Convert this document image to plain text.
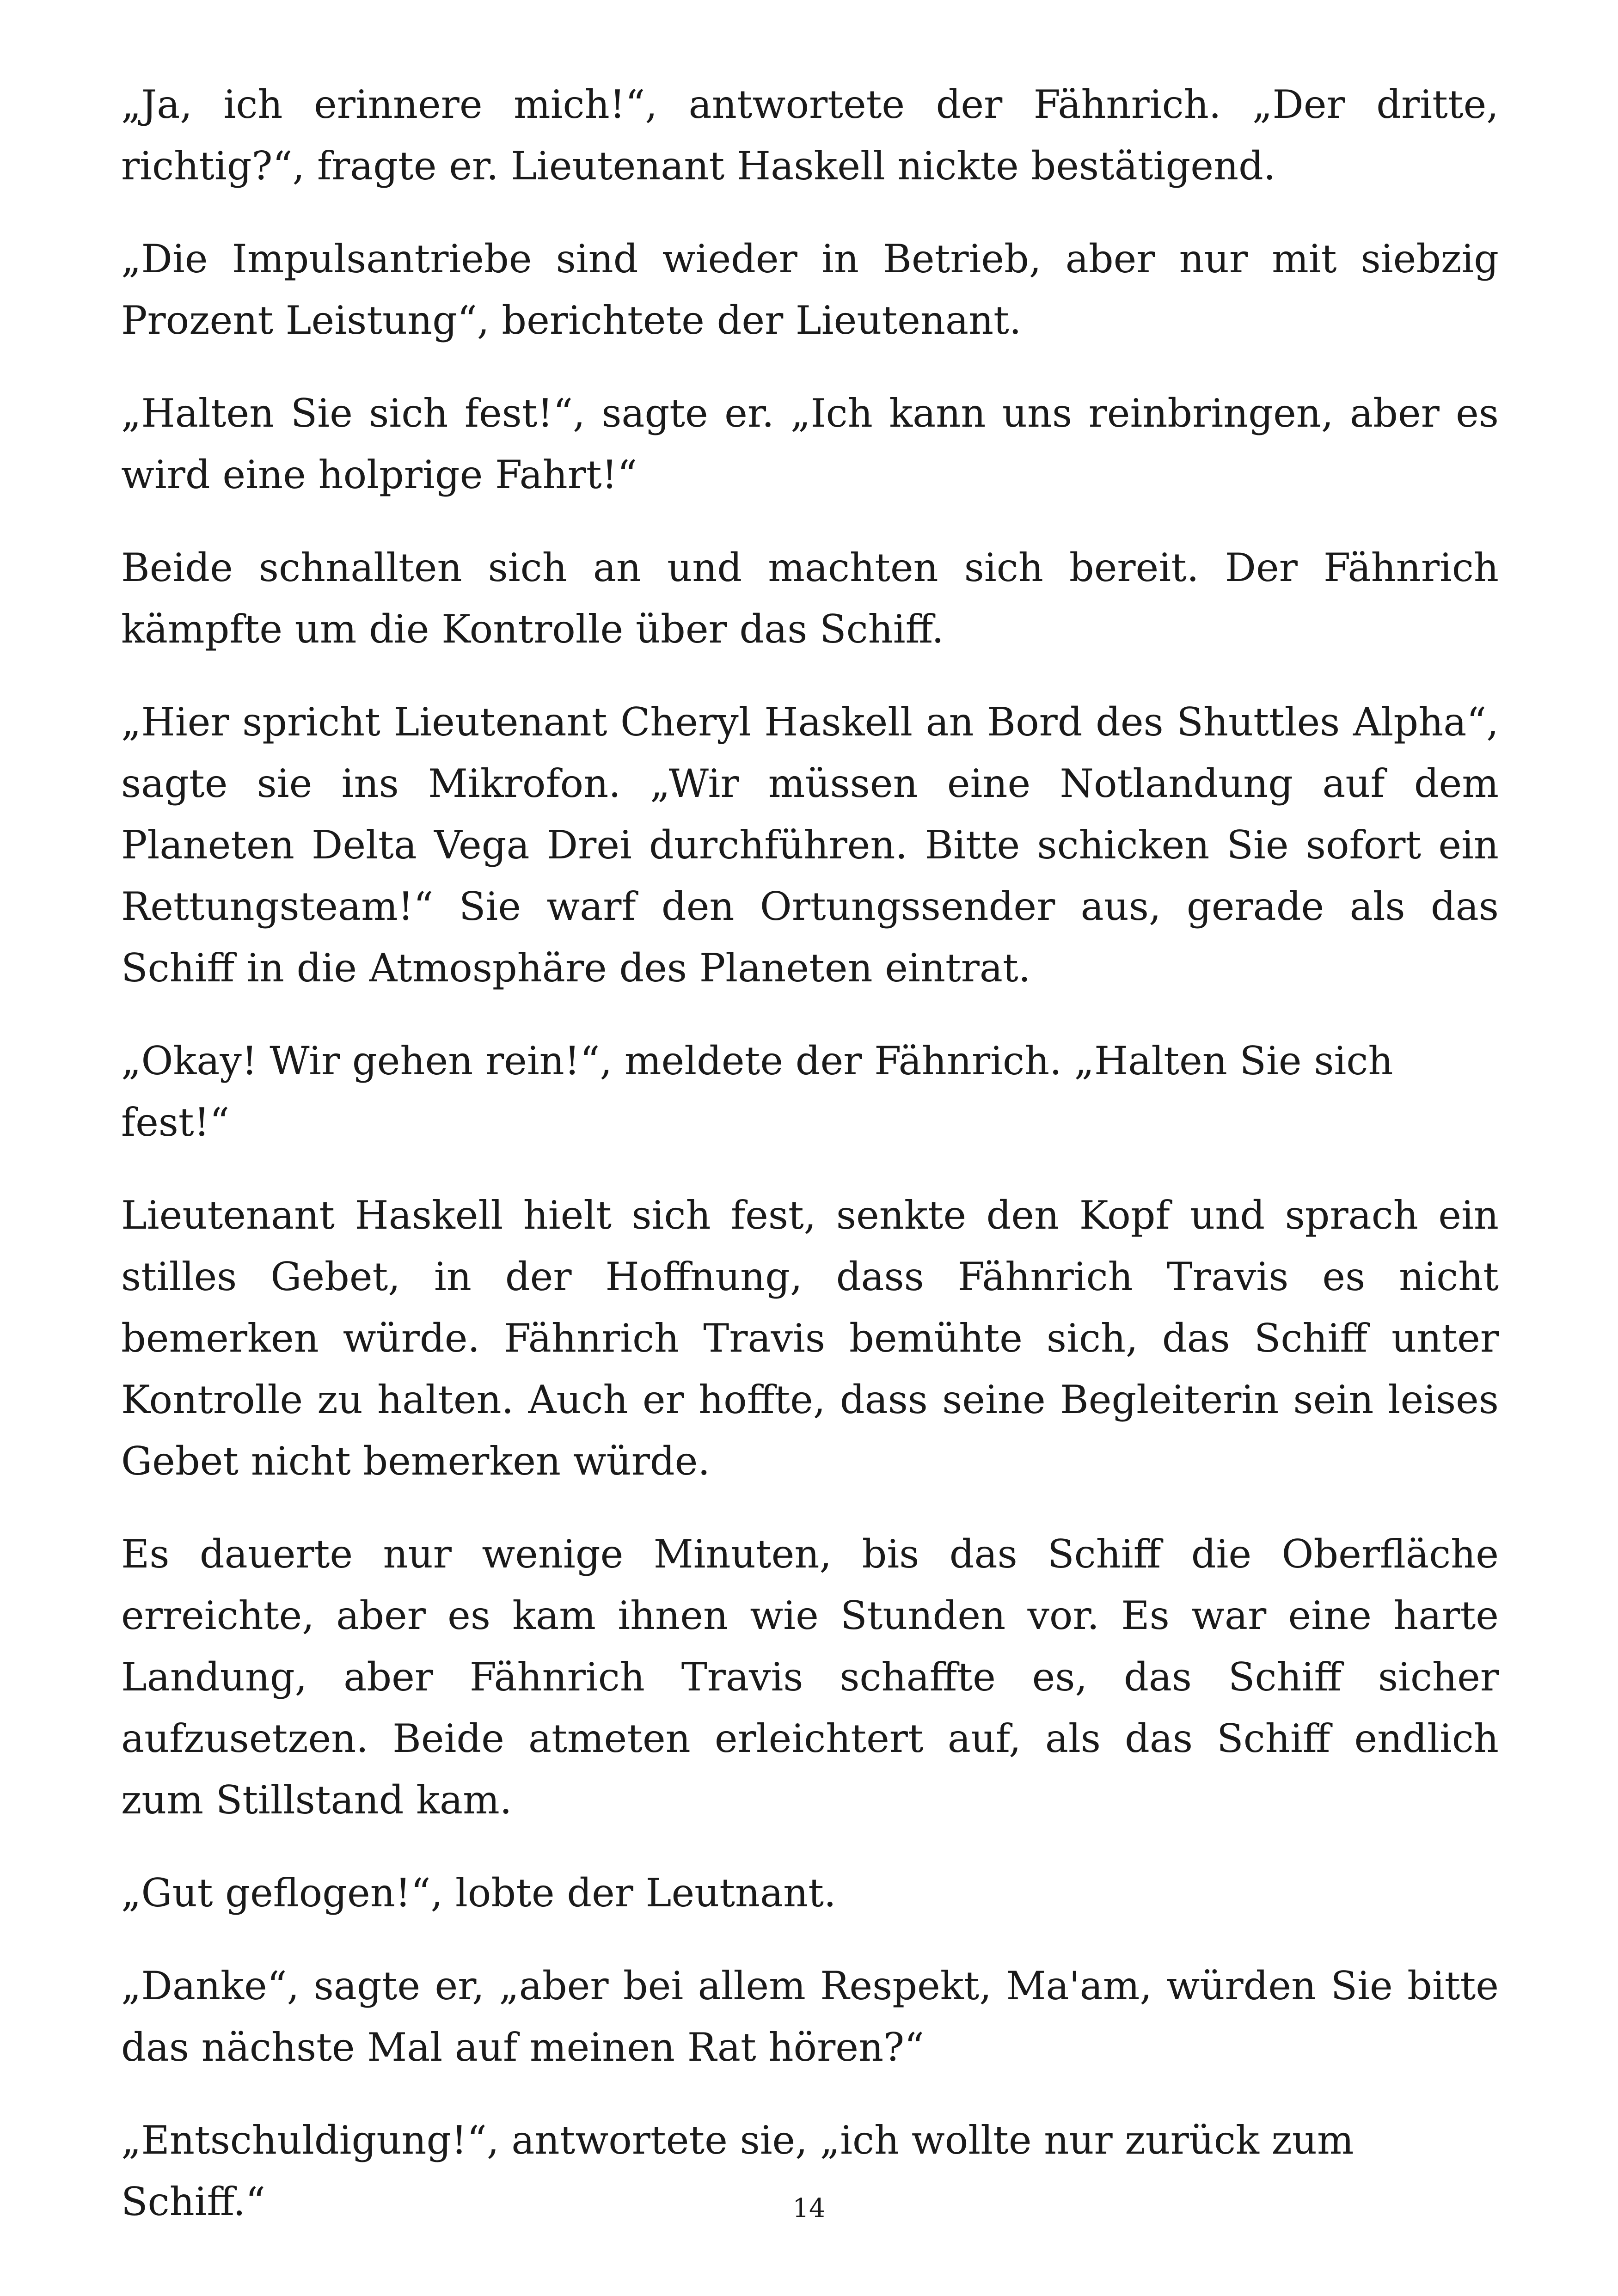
„Ja, ich erinnere mich!“, antwortete der Fähnrich. „Der dritte, richtig?“, fragte er. Lieutenant Haskell nickte bestätigend.

„Die Impulsantriebe sind wieder in Betrieb, aber nur mit siebzig Prozent Leistung“, berichtete der Lieutenant.

„Halten Sie sich fest!“, sagte er. „Ich kann uns reinbringen, aber es wird eine holprige Fahrt!“

Beide schnallten sich an und machten sich bereit. Der Fähnrich kämpfte um die Kontrolle über das Schiff.

„Hier spricht Lieutenant Cheryl Haskell an Bord des Shuttles Alpha“, sagte sie ins Mikrofon. „Wir müssen eine Notlandung auf dem Planeten Delta Vega Drei durchführen. Bitte schicken Sie sofort ein Rettungsteam!“ Sie warf den Ortungssender aus, gerade als das Schiff in die Atmosphäre des Planeten eintrat.

„Okay! Wir gehen rein!“, meldete der Fähnrich. „Halten Sie sich fest!“

Lieutenant Haskell hielt sich fest, senkte den Kopf und sprach ein stilles Gebet, in der Hoffnung, dass Fähnrich Travis es nicht bemerken würde. Fähnrich Travis bemühte sich, das Schiff unter Kontrolle zu halten. Auch er hoffte, dass seine Begleiterin sein leises Gebet nicht bemerken würde.

Es dauerte nur wenige Minuten, bis das Schiff die Oberfläche erreichte, aber es kam ihnen wie Stunden vor. Es war eine harte Landung, aber Fähnrich Travis schaffte es, das Schiff sicher aufzusetzen. Beide atmeten erleichtert auf, als das Schiff endlich zum Stillstand kam.

„Gut geflogen!“, lobte der Leutnant.

„Danke“, sagte er, „aber bei allem Respekt, Ma'am, würden Sie bitte das nächste Mal auf meinen Rat hören?“

„Entschuldigung!“, antwortete sie, „ich wollte nur zurück zum Schiff.“	14
